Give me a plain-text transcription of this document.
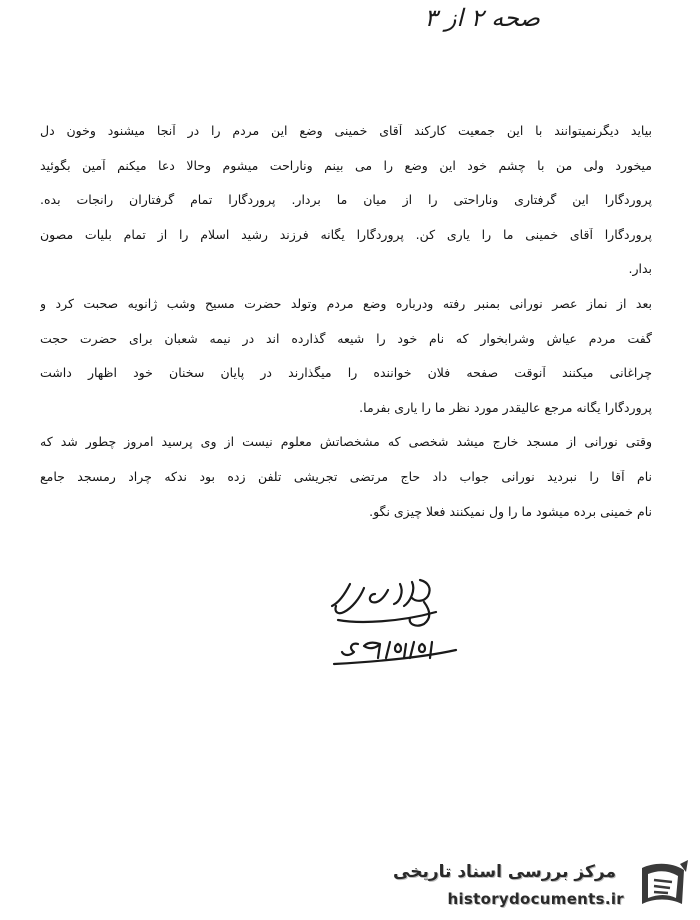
صحه ۲ از ۳
بیاید دیگرنمیتوانند با این جمعیت کارکند آقای خمینی وضع این مردم را در آنجا میشنود وخون دل
میخورد ولی من با چشم خود این وضع را می بینم وناراحت میشوم وحالا دعا میکنم آمین بگوئید
پروردگارا این گرفتاری وناراحتی را از میان ما بردار. پروردگارا تمام گرفتاران رانجات بده.
پروردگارا آقای خمینی ما را یاری کن. پروردگارا یگانه فرزند رشید اسلام را از تمام بلیات مصون
بدار.
بعد از نماز عصر نورانی بمنبر رفته ودرباره وضع مردم وتولد حضرت مسیح وشب ژانویه صحبت کرد و
گفت مردم عیاش وشرابخوار که نام خود را شیعه گذارده اند در نیمه شعبان برای حضرت حجت
چراغانی میکنند آنوقت صفحه فلان خواننده را میگذارند در پایان سخنان خود اظهار داشت
پروردگارا یگانه مرجع عالیقدر مورد نظر ما را یاری بفرما.
وقتی نورانی از مسجد خارج میشد شخصی که مشخصاتش معلوم نیست از وی پرسید امروز چطور شد که
نام آقا را نبردید نورانی جواب داد حاج مرتضی تجریشی تلفن زده بود ندکه چراد رمسجد جامع
نام خمینی برده میشود ما را ول نمیکنند فعلا چیزی نگو.
مرکز بررسی اسناد تاریخی
historydocuments.ir
